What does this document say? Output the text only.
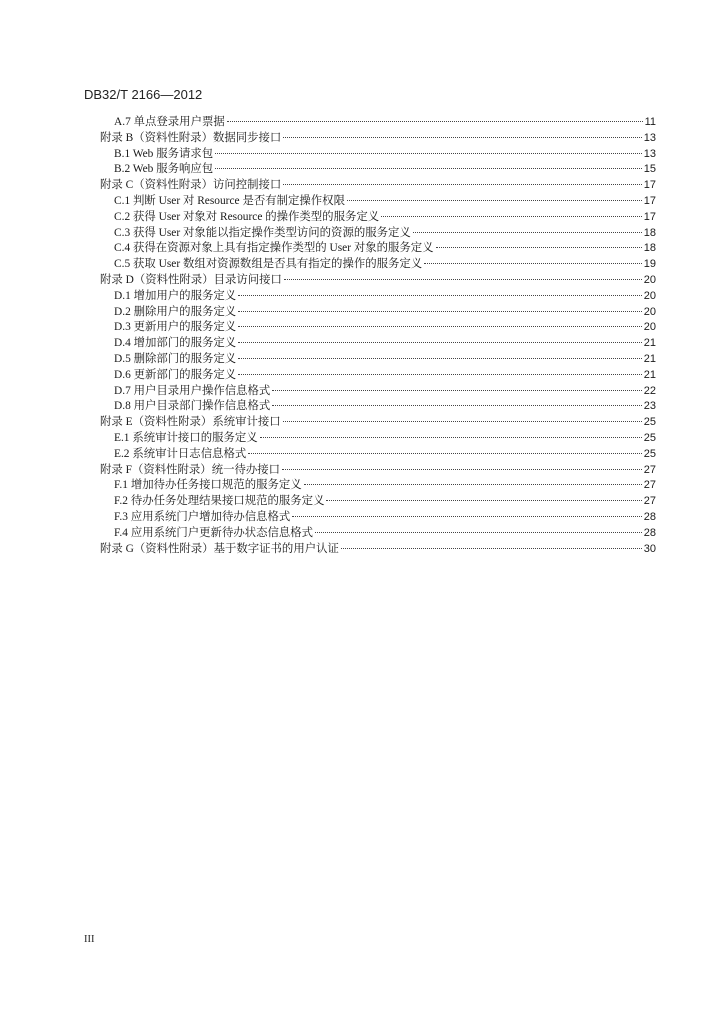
DB32/T 2166—2012
A.7 单点登录用户票据	11
附录 B（资料性附录）数据同步接口	13
B.1 Web 服务请求包	13
B.2 Web 服务响应包	15
附录 C（资料性附录）访问控制接口	17
C.1 判断 User 对 Resource 是否有制定操作权限	17
C.2 获得 User 对象对 Resource 的操作类型的服务定义	17
C.3 获得 User 对象能以指定操作类型访问的资源的服务定义	18
C.4 获得在资源对象上具有指定操作类型的 User 对象的服务定义	18
C.5 获取 User 数组对资源数组是否具有指定的操作的服务定义	19
附录 D（资料性附录）目录访问接口	20
D.1 增加用户的服务定义	20
D.2 删除用户的服务定义	20
D.3 更新用户的服务定义	20
D.4 增加部门的服务定义	21
D.5 删除部门的服务定义	21
D.6 更新部门的服务定义	21
D.7 用户目录用户操作信息格式	22
D.8 用户目录部门操作信息格式	23
附录 E（资料性附录）系统审计接口	25
E.1 系统审计接口的服务定义	25
E.2 系统审计日志信息格式	25
附录 F（资料性附录）统一待办接口	27
F.1 增加待办任务接口规范的服务定义	27
F.2 待办任务处理结果接口规范的服务定义	27
F.3 应用系统门户增加待办信息格式	28
F.4 应用系统门户更新待办状态信息格式	28
附录 G（资料性附录）基于数字证书的用户认证	30
III
